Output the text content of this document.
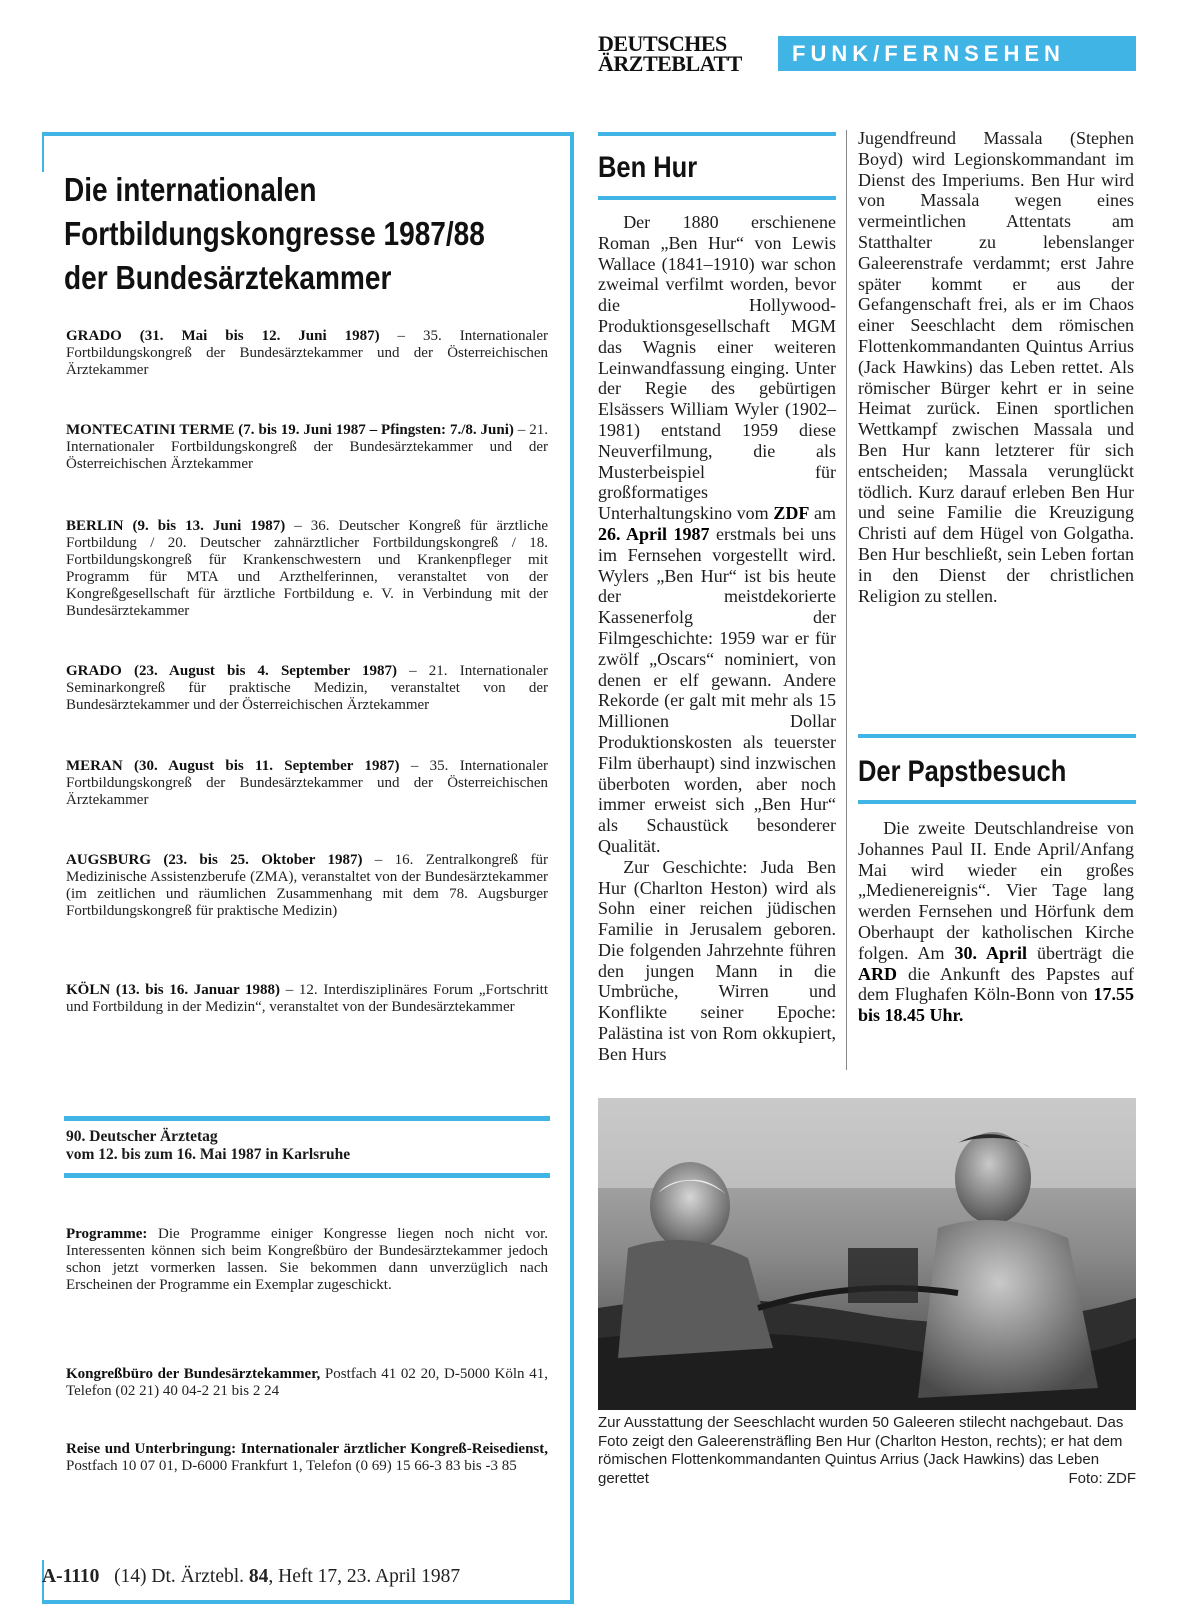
DEUTSCHES
ÄRZTEBLATT	FUNK/FERNSEHEN
Die internationalen
Fortbildungskongresse 1987/88
der Bundesärztekammer
GRADO (31. Mai bis 12. Juni 1987) – 35. Internationaler Fortbildungskongreß der Bundesärztekammer und der Österreichischen Ärztekammer
MONTECATINI TERME (7. bis 19. Juni 1987 – Pfingsten: 7./8. Juni) – 21. Internationaler Fortbildungskongreß der Bundesärztekammer und der Österreichischen Ärztekammer
BERLIN (9. bis 13. Juni 1987) – 36. Deutscher Kongreß für ärztliche Fortbildung / 20. Deutscher zahnärztlicher Fortbildungskongreß / 18. Fortbildungskongreß für Krankenschwestern und Krankenpfleger mit Programm für MTA und Arzthelferinnen, veranstaltet von der Kongreßgesellschaft für ärztliche Fortbildung e. V. in Verbindung mit der Bundesärztekammer
GRADO (23. August bis 4. September 1987) – 21. Internationaler Seminarkongreß für praktische Medizin, veranstaltet von der Bundesärztekammer und der Österreichischen Ärztekammer
MERAN (30. August bis 11. September 1987) – 35. Internationaler Fortbildungskongreß der Bundesärztekammer und der Österreichischen Ärztekammer
AUGSBURG (23. bis 25. Oktober 1987) – 16. Zentralkongreß für Medizinische Assistenzberufe (ZMA), veranstaltet von der Bundesärztekammer (im zeitlichen und räumlichen Zusammenhang mit dem 78. Augsburger Fortbildungskongreß für praktische Medizin)
KÖLN (13. bis 16. Januar 1988) – 12. Interdisziplinäres Forum „Fortschritt und Fortbildung in der Medizin“, veranstaltet von der Bundesärztekammer
90. Deutscher Ärztetag
vom 12. bis zum 16. Mai 1987 in Karlsruhe
Programme: Die Programme einiger Kongresse liegen noch nicht vor. Interessenten können sich beim Kongreßbüro der Bundesärztekammer jedoch schon jetzt vormerken lassen. Sie bekommen dann unverzüglich nach Erscheinen der Programme ein Exemplar zugeschickt.
Kongreßbüro der Bundesärztekammer, Postfach 41 02 20, D-5000 Köln 41, Telefon (02 21) 40 04-2 21 bis 2 24
Reise und Unterbringung: Internationaler ärztlicher Kongreß-Reisedienst, Postfach 10 07 01, D-6000 Frankfurt 1, Telefon (0 69) 15 66-3 83 bis -3 85
Ben Hur

Der 1880 erschienene Roman „Ben Hur“ von Lewis Wallace (1841–1910) war schon zweimal verfilmt worden, bevor die Hollywood-Produktionsgesellschaft MGM das Wagnis einer weiteren Leinwandfassung einging. Unter der Regie des gebürtigen Elsässers William Wyler (1902–1981) entstand 1959 diese Neuverfilmung, die als Musterbeispiel für großformatiges Unterhaltungskino vom ZDF am 26. April 1987 erstmals bei uns im Fernsehen vorgestellt wird. Wylers „Ben Hur“ ist bis heute der meistdekorierte Kassenerfolg der Filmgeschichte: 1959 war er für zwölf „Oscars“ nominiert, von denen er elf gewann. Andere Rekorde (er galt mit mehr als 15 Millionen Dollar Produktionskosten als teuerster Film überhaupt) sind inzwischen überboten worden, aber noch immer erweist sich „Ben Hur“ als Schaustück besonderer Qualität.

Zur Geschichte: Juda Ben Hur (Charlton Heston) wird als Sohn einer reichen jüdischen Familie in Jerusalem geboren. Die folgenden Jahrzehnte führen den jungen Mann in die Umbrüche, Wirren und Konflikte seiner Epoche: Palästina ist von Rom okkupiert, Ben Hurs

Jugendfreund Massala (Stephen Boyd) wird Legionskommandant im Dienst des Imperiums. Ben Hur wird von Massala wegen eines vermeintlichen Attentats am Statthalter zu lebenslanger Galeerenstrafe verdammt; erst Jahre später kommt er aus der Gefangenschaft frei, als er im Chaos einer Seeschlacht dem römischen Flottenkommandanten Quintus Arrius (Jack Hawkins) das Leben rettet. Als römischer Bürger kehrt er in seine Heimat zurück. Einen sportlichen Wettkampf zwischen Massala und Ben Hur kann letzterer für sich entscheiden; Massala verunglückt tödlich. Kurz darauf erleben Ben Hur und seine Familie die Kreuzigung Christi auf dem Hügel von Golgatha. Ben Hur beschließt, sein Leben fortan in den Dienst der christlichen Religion zu stellen.

Der Papstbesuch

Die zweite Deutschlandreise von Johannes Paul II. Ende April/Anfang Mai wird wieder ein großes „Medienereignis“. Vier Tage lang werden Fernsehen und Hörfunk dem Oberhaupt der katholischen Kirche folgen. Am 30. April überträgt die ARD die Ankunft des Papstes auf dem Flughafen Köln-Bonn von 17.55 bis 18.45 Uhr.

Zur Ausstattung der Seeschlacht wurden 50 Galeeren stilecht nachgebaut. Das Foto zeigt den Galeerensträfling Ben Hur (Charlton Heston, rechts); er hat dem römischen Flottenkommandanten Quintus Arrius (Jack Hawkins) das Leben gerettet	Foto: ZDF
A-1110 (14) Dt. Ärztebl. 84, Heft 17, 23. April 1987
